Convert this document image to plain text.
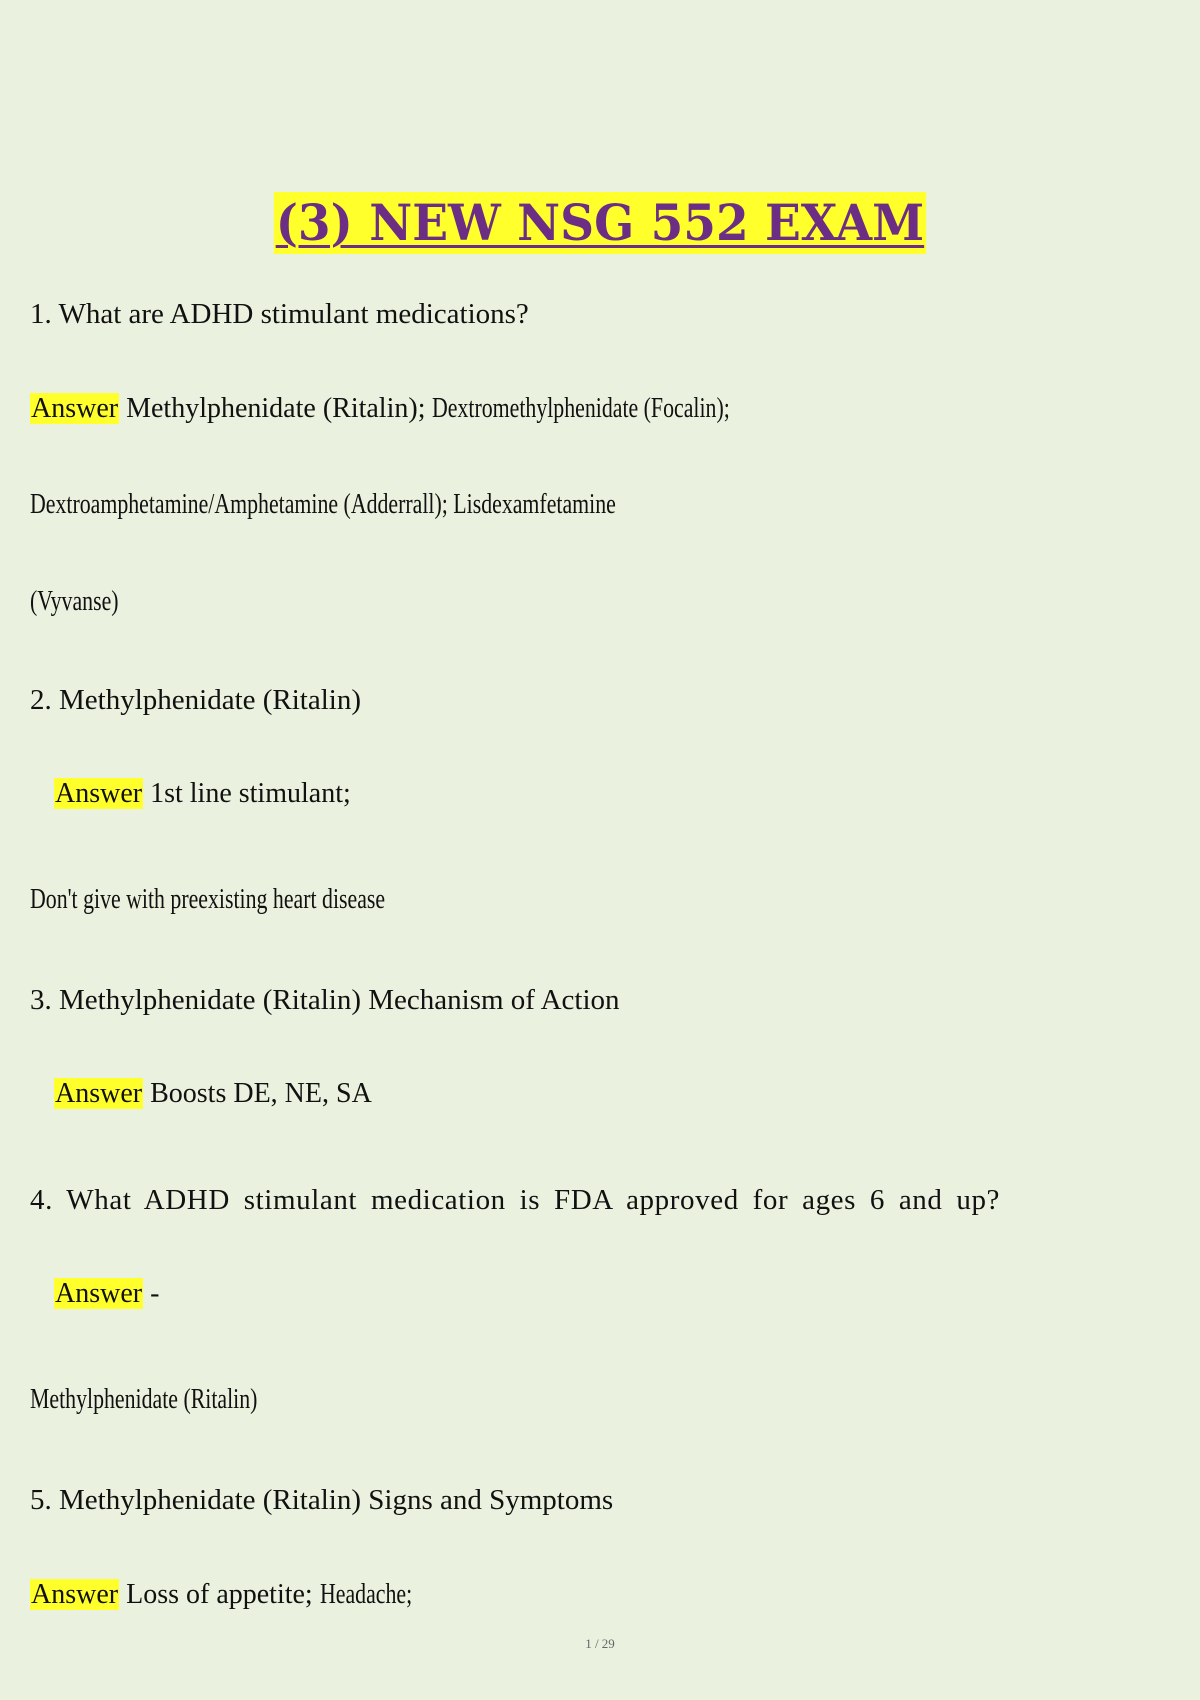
(3) NEW NSG 552 EXAM
1. What are ADHD stimulant medications?
Answer Methylphenidate (Ritalin); Dextromethylphenidate (Focalin);
Dextroamphetamine/Amphetamine (Adderrall); Lisdexamfetamine
(Vyvanse)
2. Methylphenidate (Ritalin)
Answer 1st line stimulant;
Don't give with preexisting heart disease
3. Methylphenidate (Ritalin) Mechanism of Action
Answer Boosts DE, NE, SA
4. What ADHD stimulant medication is FDA approved for ages 6 and up?
Answer -
Methylphenidate (Ritalin)
5. Methylphenidate (Ritalin) Signs and Symptoms
Answer Loss of appetite; Headache;
1 / 29
